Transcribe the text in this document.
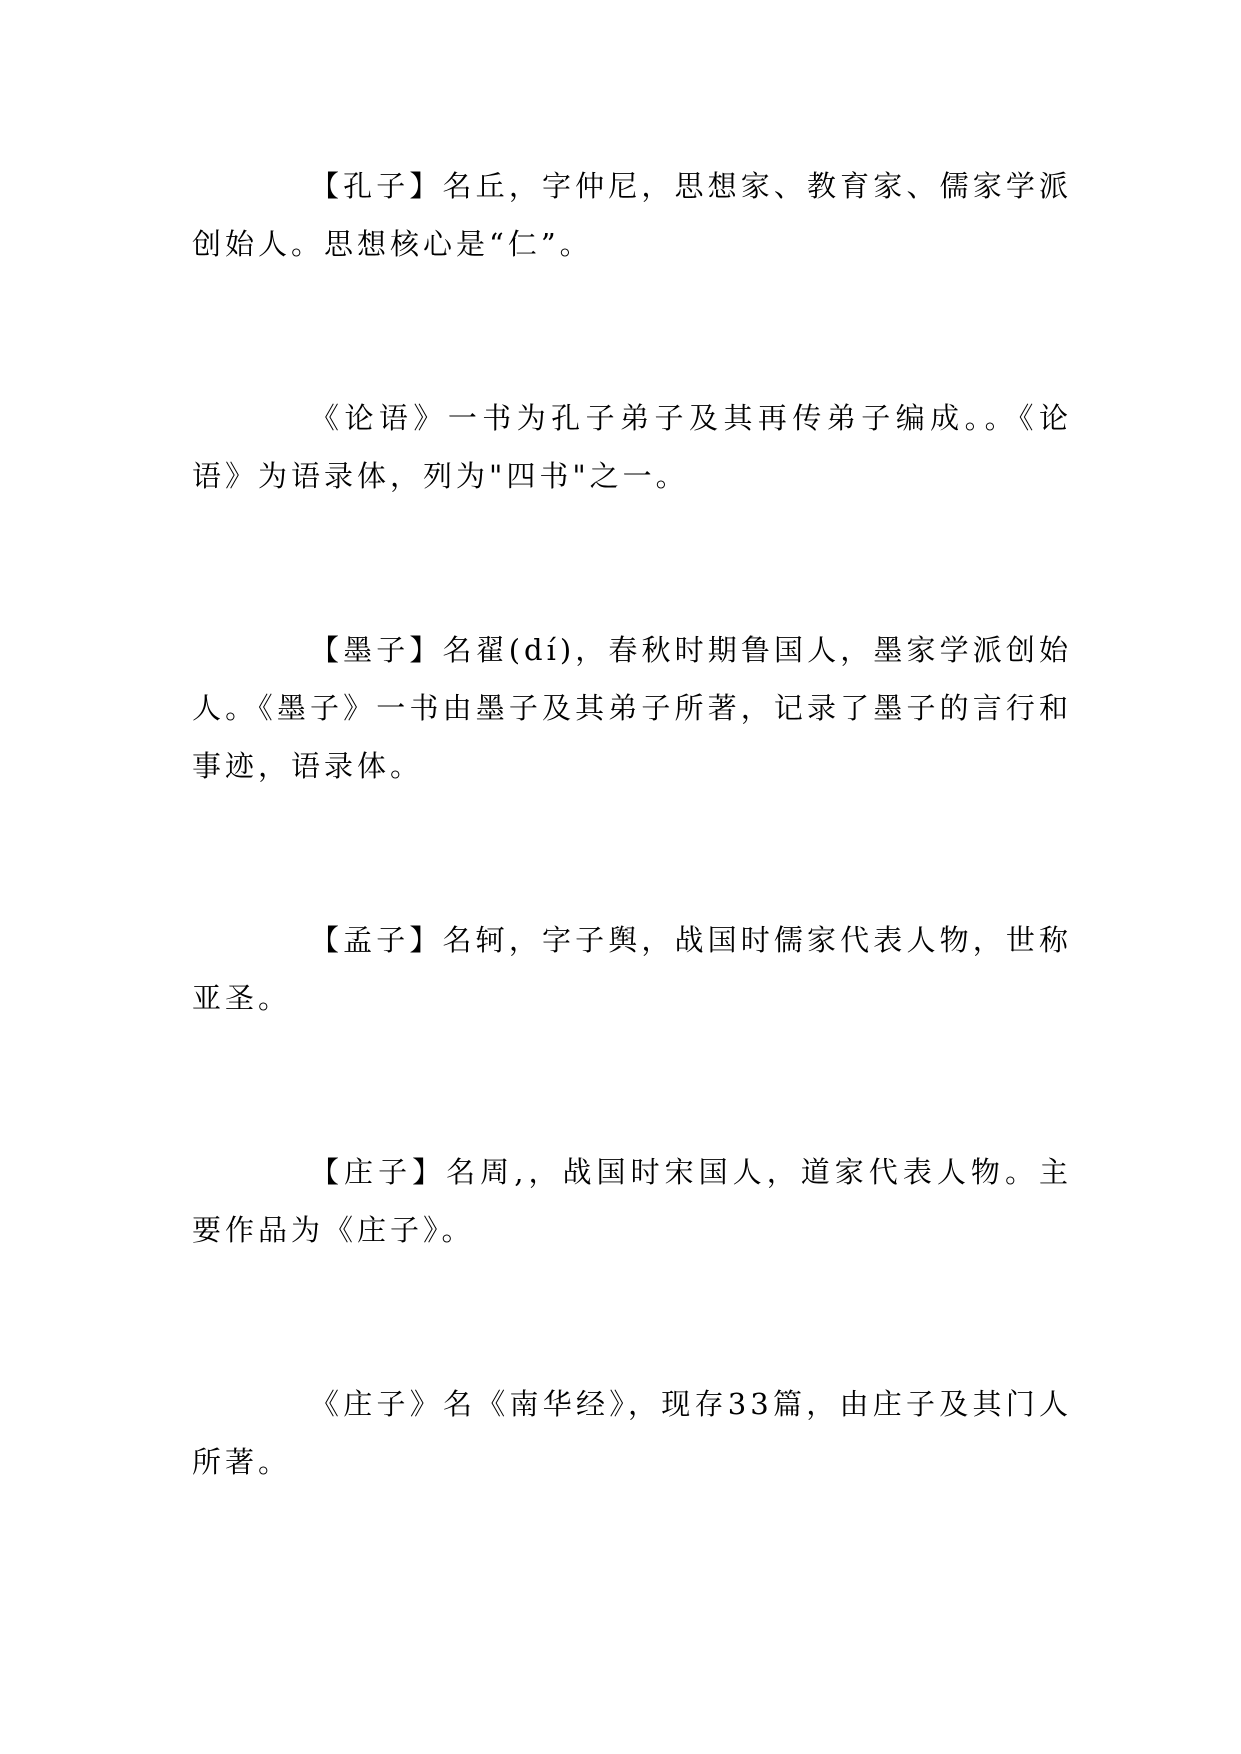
【孔子】名丘，字仲尼，思想家、教育家、儒家学派创始人。思想核心是“仁”。

《论语》一书为孔子弟子及其再传弟子编成。。《论语》为语录体，列为"四书"之一。

【墨子】名翟(dí)，春秋时期鲁国人，墨家学派创始人。《墨子》一书由墨子及其弟子所著，记录了墨子的言行和事迹，语录体。

【孟子】名轲，字子舆，战国时儒家代表人物，世称亚圣。

【庄子】名周,，战国时宋国人，道家代表人物。主要作品为《庄子》。

《庄子》名《南华经》，现存33篇，由庄子及其门人所著。
